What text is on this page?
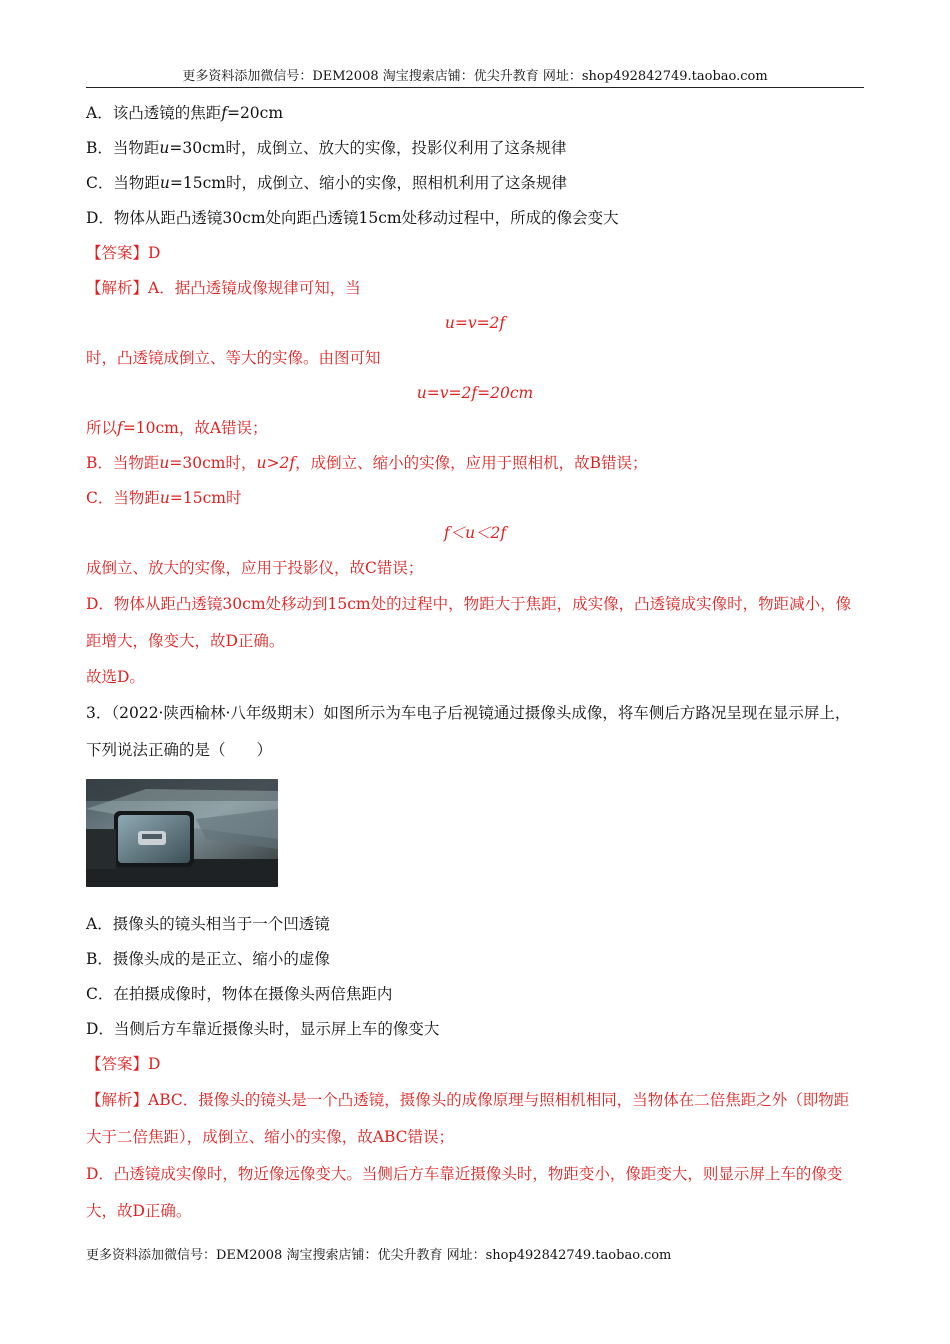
更多资料添加微信号：DEM2008 淘宝搜索店铺：优尖升教育 网址：shop492842749.taobao.com
A．该凸透镜的焦距f=20cm
B．当物距u=30cm时，成倒立、放大的实像，投影仪利用了这条规律
C．当物距u=15cm时，成倒立、缩小的实像，照相机利用了这条规律
D．物体从距凸透镜30cm处向距凸透镜15cm处移动过程中，所成的像会变大
【答案】D
【解析】A．据凸透镜成像规律可知，当
u=v=2f
时，凸透镜成倒立、等大的实像。由图可知
u=v=2f=20cm
所以f=10cm，故A错误；
B．当物距u=30cm时，u>2f，成倒立、缩小的实像，应用于照相机，故B错误；
C．当物距u=15cm时
f＜u＜2f
成倒立、放大的实像，应用于投影仪，故C错误；
D．物体从距凸透镜30cm处移动到15cm处的过程中，物距大于焦距，成实像，凸透镜成实像时，物距减小，像距增大，像变大，故D正确。
故选D。
3．（2022·陕西榆林·八年级期末）如图所示为车电子后视镜通过摄像头成像，将车侧后方路况呈现在显示屏上，下列说法正确的是（　　）
A．摄像头的镜头相当于一个凹透镜
B．摄像头成的是正立、缩小的虚像
C．在拍摄成像时，物体在摄像头两倍焦距内
D．当侧后方车靠近摄像头时，显示屏上车的像变大
【答案】D
【解析】ABC．摄像头的镜头是一个凸透镜，摄像头的成像原理与照相机相同，当物体在二倍焦距之外（即物距大于二倍焦距），成倒立、缩小的实像，故ABC错误；
D．凸透镜成实像时，物近像远像变大。当侧后方车靠近摄像头时，物距变小，像距变大，则显示屏上车的像变大，故D正确。
更多资料添加微信号：DEM2008 淘宝搜索店铺：优尖升教育 网址：shop492842749.taobao.com
